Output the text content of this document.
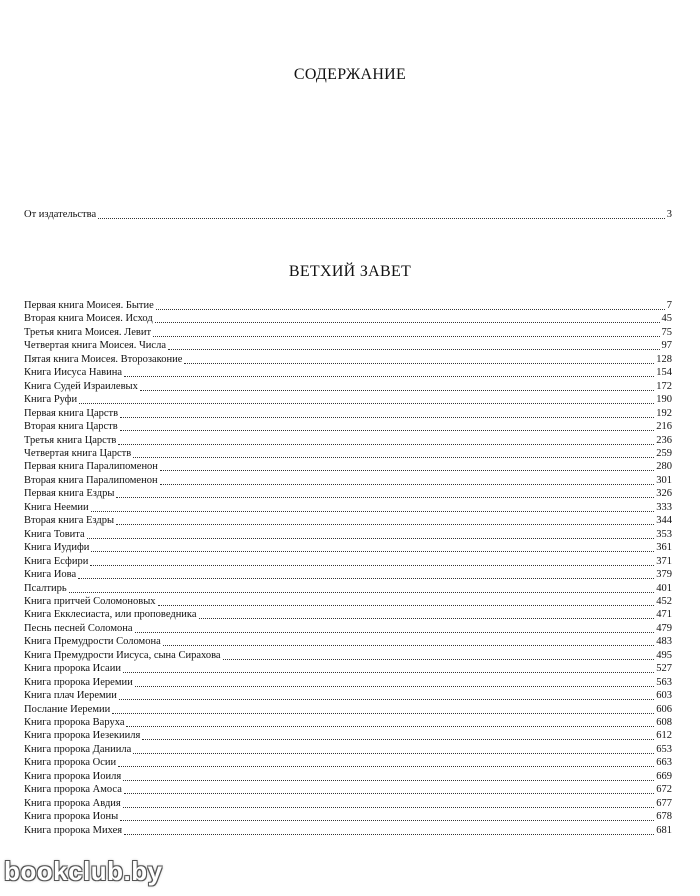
СОДЕРЖАНИЕ
От издательства	3
ВЕТХИЙ ЗАВЕТ
Первая книга Моисея. Бытие	7
Вторая книга Моисея. Исход	45
Третья книга Моисея. Левит	75
Четвертая книга Моисея. Числа	97
Пятая книга Моисея. Второзаконие	128
Книга Иисуса Навина	154
Книга Судей Израилевых	172
Книга Руфи	190
Первая книга Царств	192
Вторая книга Царств	216
Третья книга Царств	236
Четвертая книга Царств	259
Первая книга Паралипоменон	280
Вторая книга Паралипоменон	301
Первая книга Ездры	326
Книга Неемии	333
Вторая книга Ездры	344
Книга Товита	353
Книга Иудифи	361
Книга Есфири	371
Книга Иова	379
Псалтирь	401
Книга притчей Соломоновых	452
Книга Екклесиаста, или проповедника	471
Песнь песней Соломона	479
Книга Премудрости Соломона	483
Книга Премудрости Иисуса, сына Сирахова	495
Книга пророка Исаии	527
Книга пророка Иеремии	563
Книга плач Иеремии	603
Послание Иеремии	606
Книга пророка Варуха	608
Книга пророка Иезекииля	612
Книга пророка Даниила	653
Книга пророка Осии	663
Книга пророка Иоиля	669
Книга пророка Амоса	672
Книга пророка Авдия	677
Книга пророка Ионы	678
Книга пророка Михея	681
bookclub.by
